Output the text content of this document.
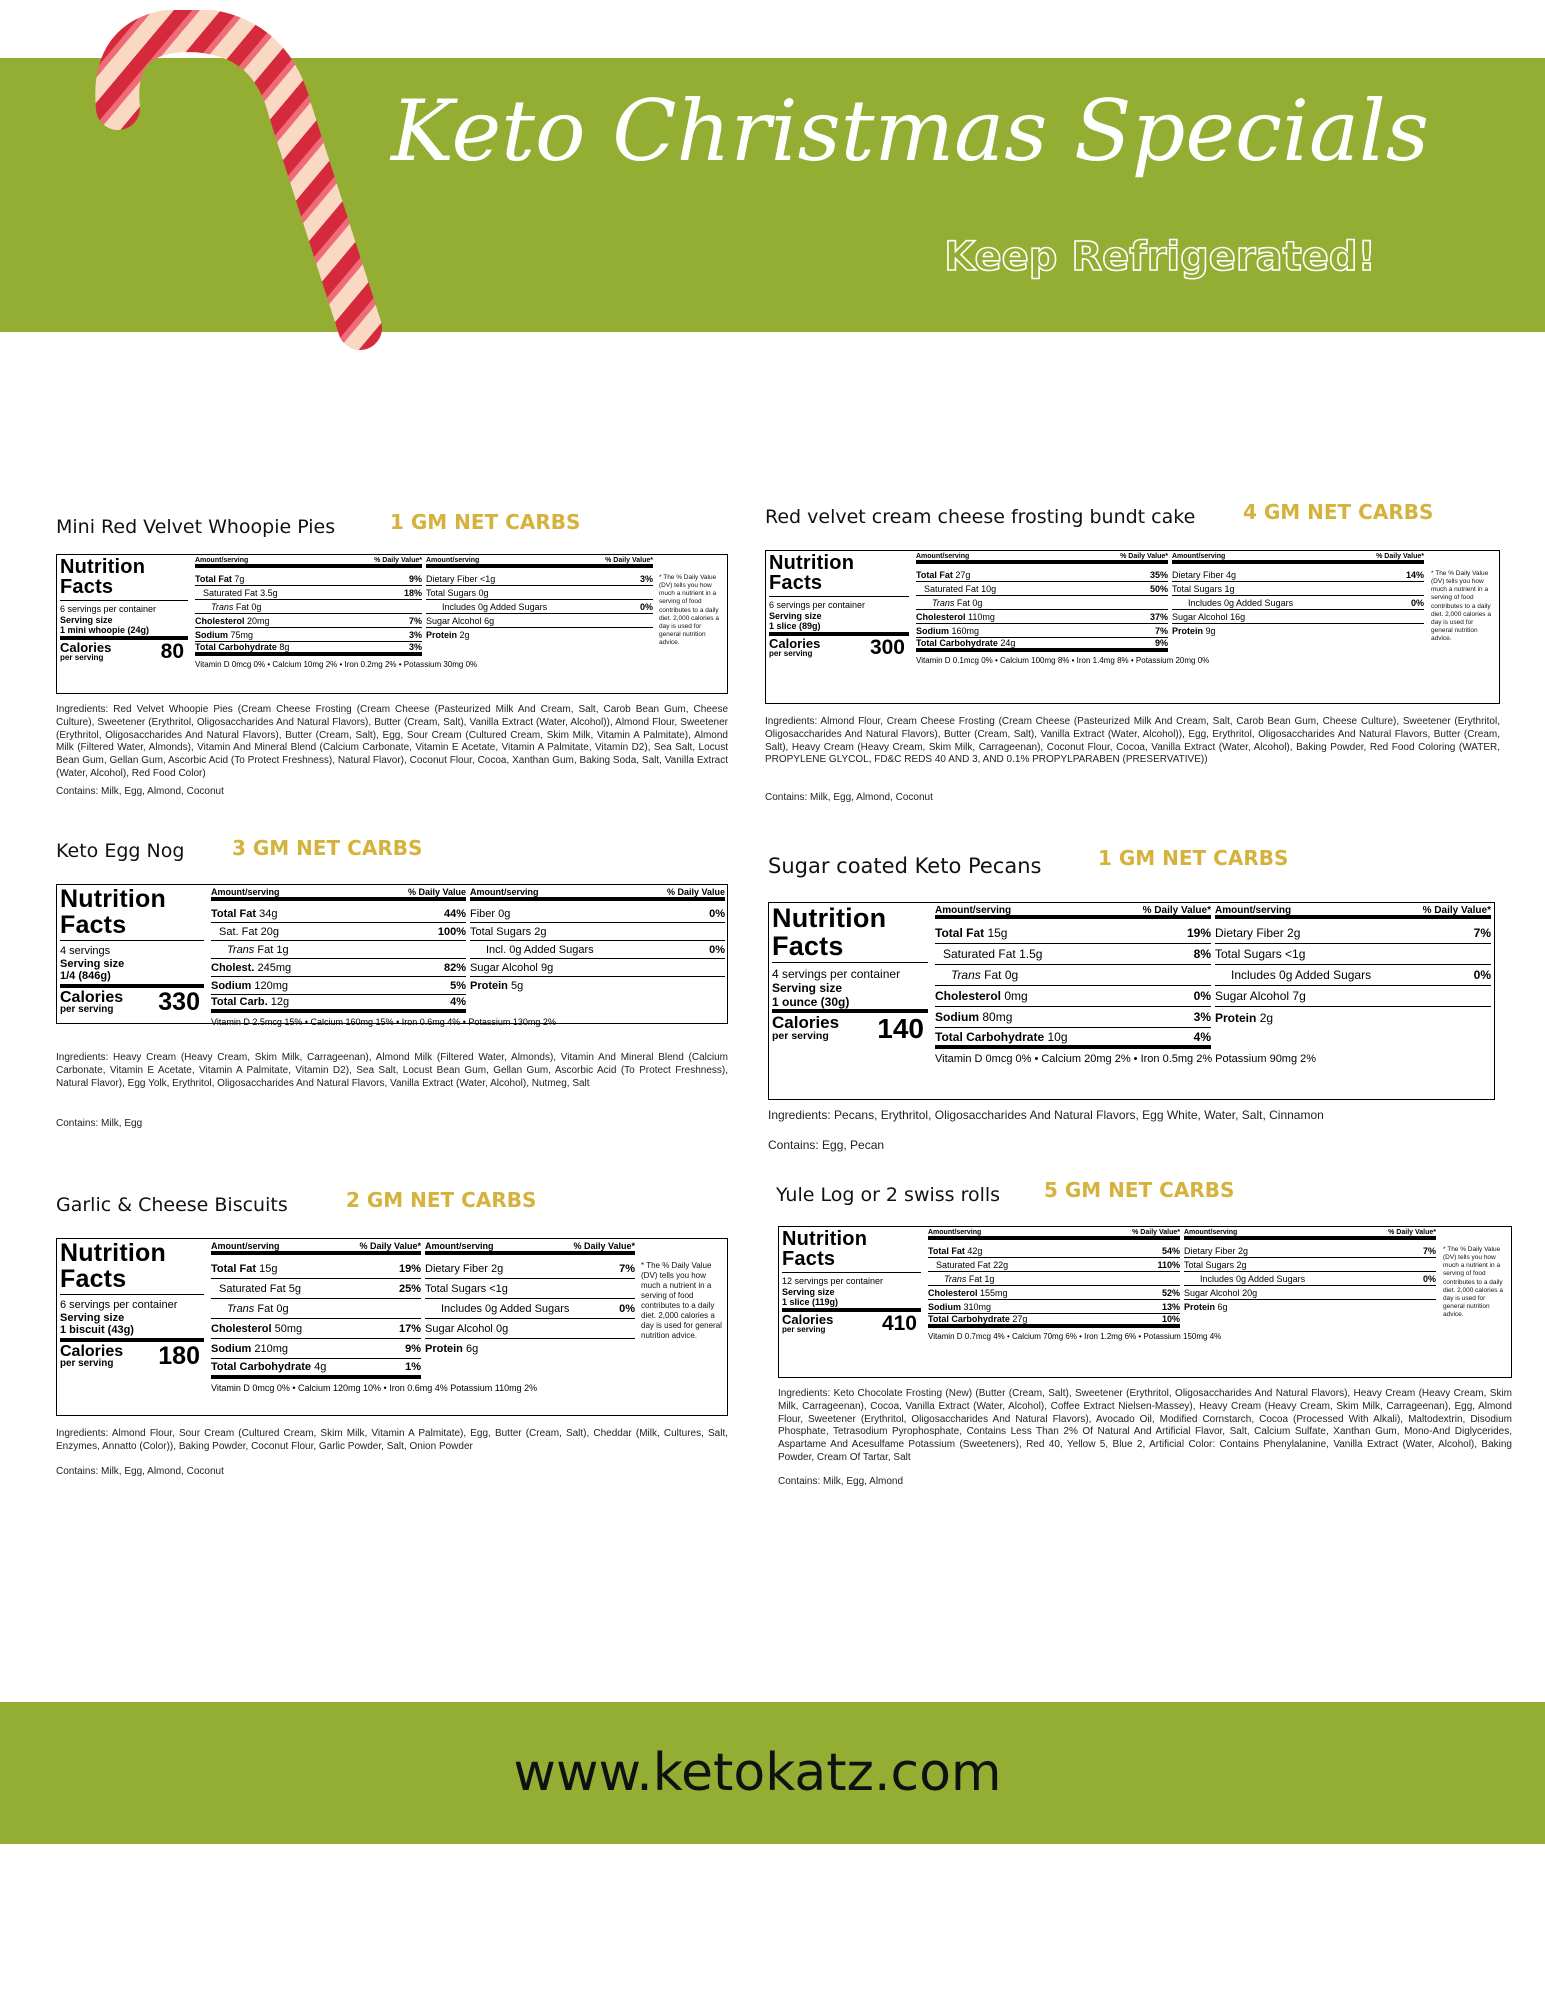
Keto Christmas Specials
Keep Refrigerated!
Mini Red Velvet Whoopie Pies	1 GM NET CARBS
Nutrition
Facts
6 servings per container
Serving size
1 mini whoopie (24g)
Calories
per serving	80
Amount/serving	% Daily Value*
Total Fat 7g	9%
Saturated Fat 3.5g	18%
Trans Fat 0g
Cholesterol 20mg	7%
Sodium 75mg	3%
Total Carbohydrate 8g	3%
Amount/serving	% Daily Value*
Dietary Fiber <1g	3%
Total Sugars 0g
Includes 0g Added Sugars	0%
Sugar Alcohol 6g
Protein 2g
Vitamin D 0mcg 0% • Calcium 10mg 2% • Iron 0.2mg 2% • Potassium 30mg 0%
* The % Daily Value (DV) tells you how much a nutrient in a serving of food contributes to a daily diet. 2,000 calories a day is used for general nutrition advice.
Ingredients: Red Velvet Whoopie Pies (Cream Cheese Frosting (Cream Cheese (Pasteurized Milk And Cream, Salt, Carob Bean Gum, Cheese Culture), Sweetener (Erythritol, Oligosaccharides And Natural Flavors), Butter (Cream, Salt), Vanilla Extract (Water, Alcohol)), Almond Flour, Sweetener (Erythritol, Oligosaccharides And Natural Flavors), Butter (Cream, Salt), Egg, Sour Cream (Cultured Cream, Skim Milk, Vitamin A Palmitate), Almond Milk (Filtered Water, Almonds), Vitamin And Mineral Blend (Calcium Carbonate, Vitamin E Acetate, Vitamin A Palmitate, Vitamin D2), Sea Salt, Locust Bean Gum, Gellan Gum, Ascorbic Acid (To Protect Freshness), Natural Flavor), Coconut Flour, Cocoa, Xanthan Gum, Baking Soda, Salt, Vanilla Extract (Water, Alcohol), Red Food Color)
Contains: Milk, Egg, Almond, Coconut
Red velvet cream cheese frosting bundt cake 4 GM NET CARBS
Nutrition
Facts
6 servings per container
Serving size
1 slice (89g)
Calories
per serving	300
Amount/serving	% Daily Value*
Total Fat 27g	35%
Saturated Fat 10g	50%
Trans Fat 0g
Cholesterol 110mg	37%
Sodium 160mg	7%
Total Carbohydrate 24g	9%
Amount/serving	% Daily Value*
Dietary Fiber 4g	14%
Total Sugars 1g
Includes 0g Added Sugars	0%
Sugar Alcohol 16g
Protein 9g
Vitamin D 0.1mcg 0% • Calcium 100mg 8% • Iron 1.4mg 8% • Potassium 20mg 0%
* The % Daily Value (DV) tells you how much a nutrient in a serving of food contributes to a daily diet. 2,000 calories a day is used for general nutrition advice.
Ingredients: Almond Flour, Cream Cheese Frosting (Cream Cheese (Pasteurized Milk And Cream, Salt, Carob Bean Gum, Cheese Culture), Sweetener (Erythritol, Oligosaccharides And Natural Flavors), Butter (Cream, Salt), Vanilla Extract (Water, Alcohol)), Egg, Erythritol, Oligosaccharides And Natural Flavors, Butter (Cream, Salt), Heavy Cream (Heavy Cream, Skim Milk, Carrageenan), Coconut Flour, Cocoa, Vanilla Extract (Water, Alcohol), Baking Powder, Red Food Coloring (WATER, PROPYLENE GLYCOL, FD&C REDS 40 AND 3, AND 0.1% PROPYLPARABEN (PRESERVATIVE))
Contains: Milk, Egg, Almond, Coconut
Keto Egg Nog 3 GM NET CARBS
Nutrition
Facts
4 servings
Serving size
1/4 (846g)
Calories
per serving	330
Amount/serving	% Daily Value
Total Fat 34g	44%
Sat. Fat 20g	100%
Trans Fat 1g
Cholest. 245mg	82%
Sodium 120mg	5%
Total Carb. 12g	4%
Amount/serving	% Daily Value
Fiber 0g	0%
Total Sugars 2g
Incl. 0g Added Sugars	0%
Sugar Alcohol 9g
Protein 5g
Vitamin D 2.5mcg 15% • Calcium 160mg 15% • Iron 0.6mg 4% • Potassium 130mg 2%
Ingredients: Heavy Cream (Heavy Cream, Skim Milk, Carrageenan), Almond Milk (Filtered Water, Almonds), Vitamin And Mineral Blend (Calcium Carbonate, Vitamin E Acetate, Vitamin A Palmitate, Vitamin D2), Sea Salt, Locust Bean Gum, Gellan Gum, Ascorbic Acid (To Protect Freshness), Natural Flavor), Egg Yolk, Erythritol, Oligosaccharides And Natural Flavors, Vanilla Extract (Water, Alcohol), Nutmeg, Salt
Contains: Milk, Egg
Sugar coated Keto Pecans	1 GM NET CARBS
Nutrition
Facts
4 servings per container
Serving size
1 ounce (30g)
Calories
per serving	140
Amount/serving	% Daily Value*
Total Fat 15g	19%
Saturated Fat 1.5g	8%
Trans Fat 0g
Cholesterol 0mg	0%
Sodium 80mg	3%
Total Carbohydrate 10g	4%
Amount/serving	% Daily Value*
Dietary Fiber 2g	7%
Total Sugars <1g
Includes 0g Added Sugars	0%
Sugar Alcohol 7g
Protein 2g
Vitamin D 0mcg 0% • Calcium 20mg 2% • Iron 0.5mg 2% Potassium 90mg 2%
Ingredients: Pecans, Erythritol, Oligosaccharides And Natural Flavors, Egg White, Water, Salt, Cinnamon
Contains: Egg, Pecan
Garlic & Cheese Biscuits	2 GM NET CARBS
Nutrition
Facts
6 servings per container
Serving size
1 biscuit (43g)
Calories
per serving	180
Amount/serving	% Daily Value*
Total Fat 15g	19%
Saturated Fat 5g	25%
Trans Fat 0g
Cholesterol 50mg	17%
Sodium 210mg	9%
Total Carbohydrate 4g	1%
Amount/serving	% Daily Value*
Dietary Fiber 2g	7%
Total Sugars <1g
Includes 0g Added Sugars	0%
Sugar Alcohol 0g
Protein 6g
Vitamin D 0mcg 0% • Calcium 120mg 10% • Iron 0.6mg 4% Potassium 110mg 2%
* The % Daily Value (DV) tells you how much a nutrient in a serving of food contributes to a daily diet. 2,000 calories a day is used for general nutrition advice.
Ingredients: Almond Flour, Sour Cream (Cultured Cream, Skim Milk, Vitamin A Palmitate), Egg, Butter (Cream, Salt), Cheddar (Milk, Cultures, Salt, Enzymes, Annatto (Color)), Baking Powder, Coconut Flour, Garlic Powder, Salt, Onion Powder
Contains: Milk, Egg, Almond, Coconut
Yule Log or 2 swiss rolls 5 GM NET CARBS
Nutrition
Facts
12 servings per container
Serving size
1 slice (119g)
Calories
per serving	410
Amount/serving	% Daily Value*
Total Fat 42g	54%
Saturated Fat 22g	110%
Trans Fat 1g
Cholesterol 155mg	52%
Sodium 310mg	13%
Total Carbohydrate 27g	10%
Amount/serving	% Daily Value*
Dietary Fiber 2g	7%
Total Sugars 2g
Includes 0g Added Sugars	0%
Sugar Alcohol 20g
Protein 6g
Vitamin D 0.7mcg 4% • Calcium 70mg 6% • Iron 1.2mg 6% • Potassium 150mg 4%
* The % Daily Value (DV) tells you how much a nutrient in a serving of food contributes to a daily diet. 2,000 calories a day is used for general nutrition advice.
Ingredients: Keto Chocolate Frosting (New) (Butter (Cream, Salt), Sweetener (Erythritol, Oligosaccharides And Natural Flavors), Heavy Cream (Heavy Cream, Skim Milk, Carrageenan), Cocoa, Vanilla Extract (Water, Alcohol), Coffee Extract Nielsen-Massey), Heavy Cream (Heavy Cream, Skim Milk, Carrageenan), Egg, Almond Flour, Sweetener (Erythritol, Oligosaccharides And Natural Flavors), Avocado Oil, Modified Cornstarch, Cocoa (Processed With Alkali), Maltodextrin, Disodium Phosphate, Tetrasodium Pyrophosphate, Contains Less Than 2% Of Natural And Artificial Flavor, Salt, Calcium Sulfate, Xanthan Gum, Mono-And Diglycerides, Aspartame And Acesulfame Potassium (Sweeteners), Red 40, Yellow 5, Blue 2, Artificial Color: Contains Phenylalanine, Vanilla Extract (Water, Alcohol), Baking Powder, Cream Of Tartar, Salt
Contains: Milk, Egg, Almond
www.ketokatz.com
